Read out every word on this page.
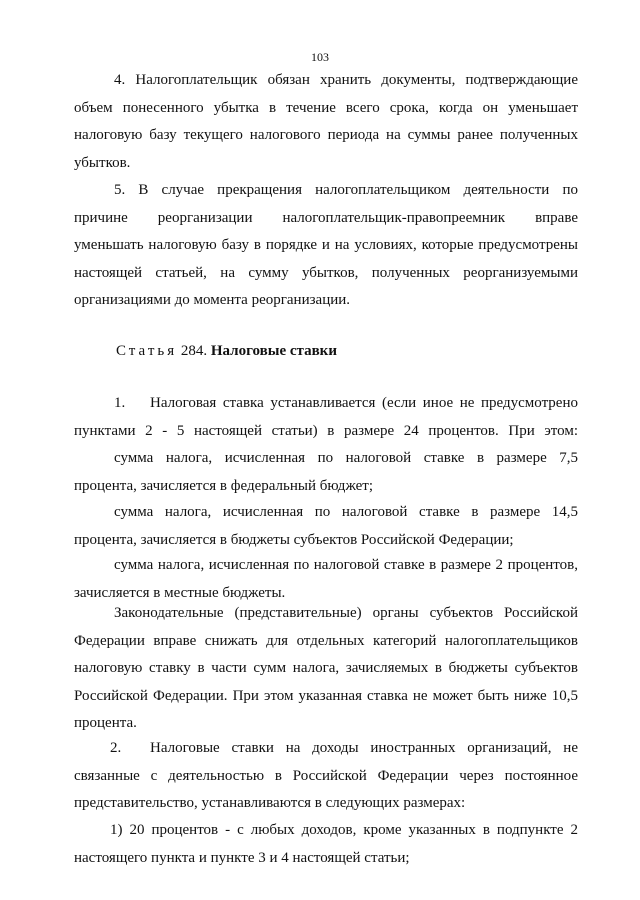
103
4. Налогоплательщик обязан хранить документы, подтверждающие
объем понесенного убытка в течение всего срока, когда он уменьшает
налоговую базу текущего налогового периода на суммы ранее полученных
убытков.
5. В случае прекращения налогоплательщиком деятельности по
причине реорганизации налогоплательщик-правопреемник вправе
уменьшать налоговую базу в порядке и на условиях, которые предусмотрены
настоящей статьей, на сумму убытков, полученных реорганизуемыми
организациями до момента реорганизации.
Статья 284. Налоговые ставки
1.	Налоговая ставка устанавливается (если иное не предусмотрено
пунктами 2 - 5 настоящей статьи) в размере 24 процентов. При этом:
сумма налога, исчисленная по налоговой ставке в размере 7,5
процента, зачисляется в федеральный бюджет;
сумма налога, исчисленная по налоговой ставке в размере 14,5
процента, зачисляется в бюджеты субъектов Российской Федерации;
сумма налога, исчисленная по налоговой ставке в размере 2 процентов,
зачисляется в местные бюджеты.
Законодательные (представительные) органы субъектов Российской
Федерации вправе снижать для отдельных категорий налогоплательщиков
налоговую ставку в части сумм налога, зачисляемых в бюджеты субъектов
Российской Федерации. При этом указанная ставка не может быть ниже 10,5
процента.
2.	Налоговые ставки на доходы иностранных организаций, не
связанные с деятельностью в Российской Федерации через постоянное
представительство, устанавливаются в следующих размерах:
1) 20 процентов - с любых доходов, кроме указанных в подпункте 2
настоящего пункта и пункте 3 и 4 настоящей статьи;
